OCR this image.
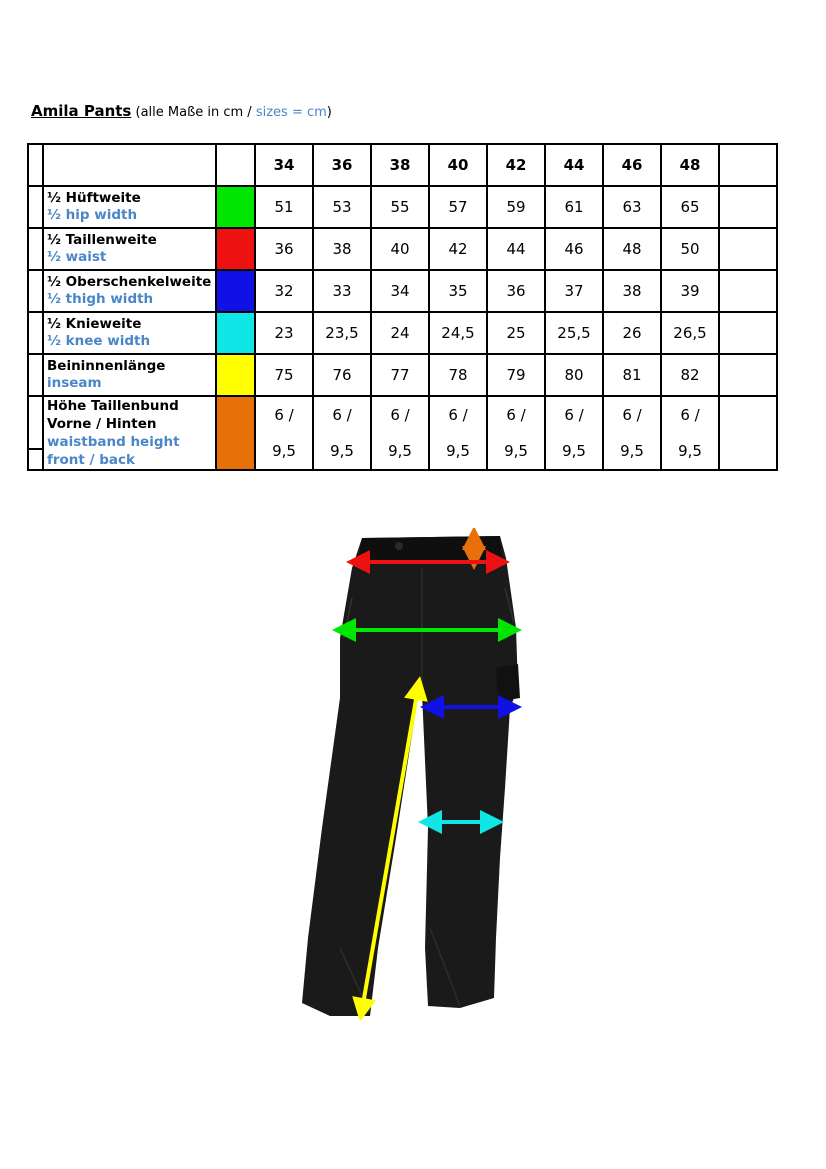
Amila Pants (alle Maße in cm / sizes = cm)
			34	36	38	40	42	44	46	48	

	½ Hüftweite
½ hip width		51	53	55	57	59	61	63	65	

	½ Taillenweite
½ waist		36	38	40	42	44	46	48	50	

	½ Oberschenkelweite
½ thigh width		32	33	34	35	36	37	38	39	

	½ Knieweite
½ knee width		23	23,5	24	24,5	25	25,5	26	26,5	

	Beininnenlänge
inseam		75	76	77	78	79	80	81	82	

	Höhe Taillenbund
Vorne / Hinten
waistband height
front / back		6 /
9,5	6 /
9,5	6 /
9,5	6 /
9,5	6 /
9,5	6 /
9,5	6 /
9,5	6 /
9,5	
